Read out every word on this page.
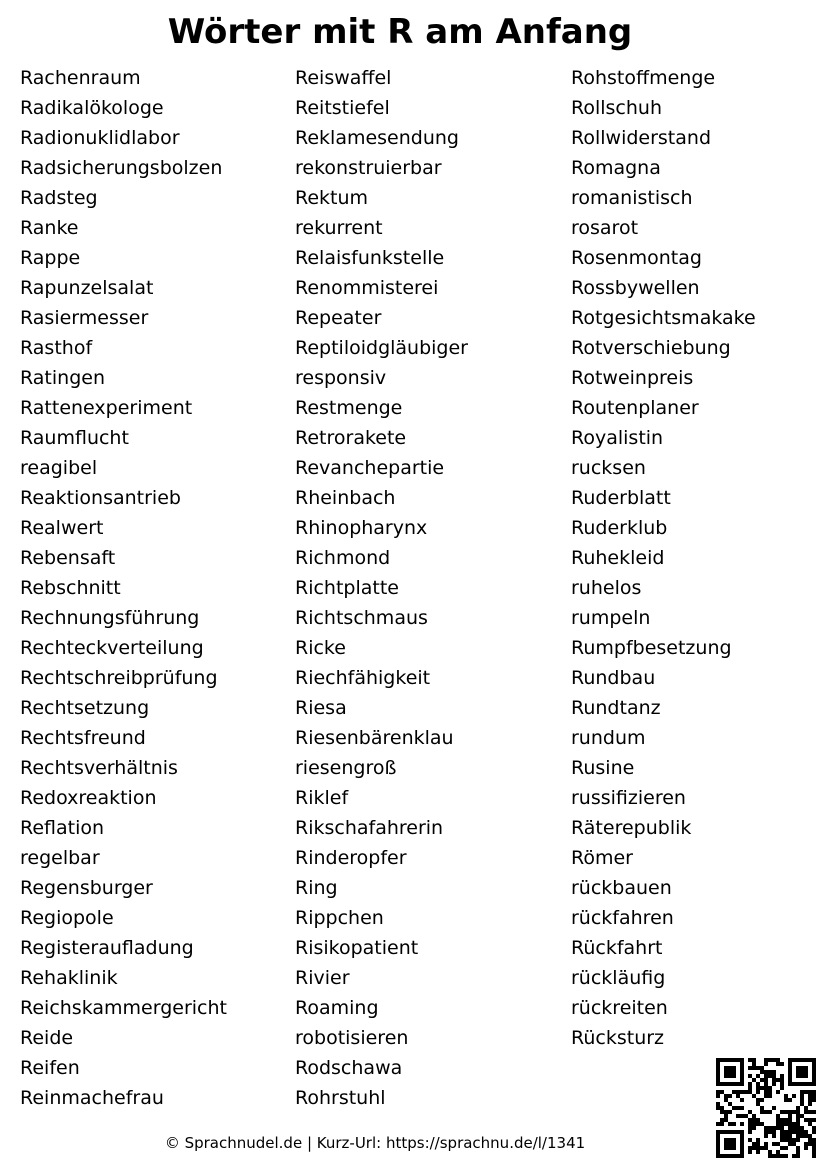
Wörter mit R am Anfang
Rachenraum
Radikalökologe
Radionuklidlabor
Radsicherungsbolzen
Radsteg
Ranke
Rappe
Rapunzelsalat
Rasiermesser
Rasthof
Ratingen
Rattenexperiment
Raumflucht
reagibel
Reaktionsantrieb
Realwert
Rebensaft
Rebschnitt
Rechnungsführung
Rechteckverteilung
Rechtschreibprüfung
Rechtsetzung
Rechtsfreund
Rechtsverhältnis
Redoxreaktion
Reflation
regelbar
Regensburger
Regiopole
Registeraufladung
Rehaklinik
Reichskammergericht
Reide
Reifen
Reinmachefrau
Reiswaffel
Reitstiefel
Reklamesendung
rekonstruierbar
Rektum
rekurrent
Relaisfunkstelle
Renommisterei
Repeater
Reptiloidgläubiger
responsiv
Restmenge
Retrorakete
Revanchepartie
Rheinbach
Rhinopharynx
Richmond
Richtplatte
Richtschmaus
Ricke
Riechfähigkeit
Riesa
Riesenbärenklau
riesengroß
Riklef
Rikschafahrerin
Rinderopfer
Ring
Rippchen
Risikopatient
Rivier
Roaming
robotisieren
Rodschawa
Rohrstuhl
Rohstoffmenge
Rollschuh
Rollwiderstand
Romagna
romanistisch
rosarot
Rosenmontag
Rossbywellen
Rotgesichtsmakake
Rotverschiebung
Rotweinpreis
Routenplaner
Royalistin
rucksen
Ruderblatt
Ruderklub
Ruhekleid
ruhelos
rumpeln
Rumpfbesetzung
Rundbau
Rundtanz
rundum
Rusine
russifizieren
Räterepublik
Römer
rückbauen
rückfahren
Rückfahrt
rückläufig
rückreiten
Rücksturz
© Sprachnudel.de | Kurz-Url: https://sprachnu.de/l/1341
